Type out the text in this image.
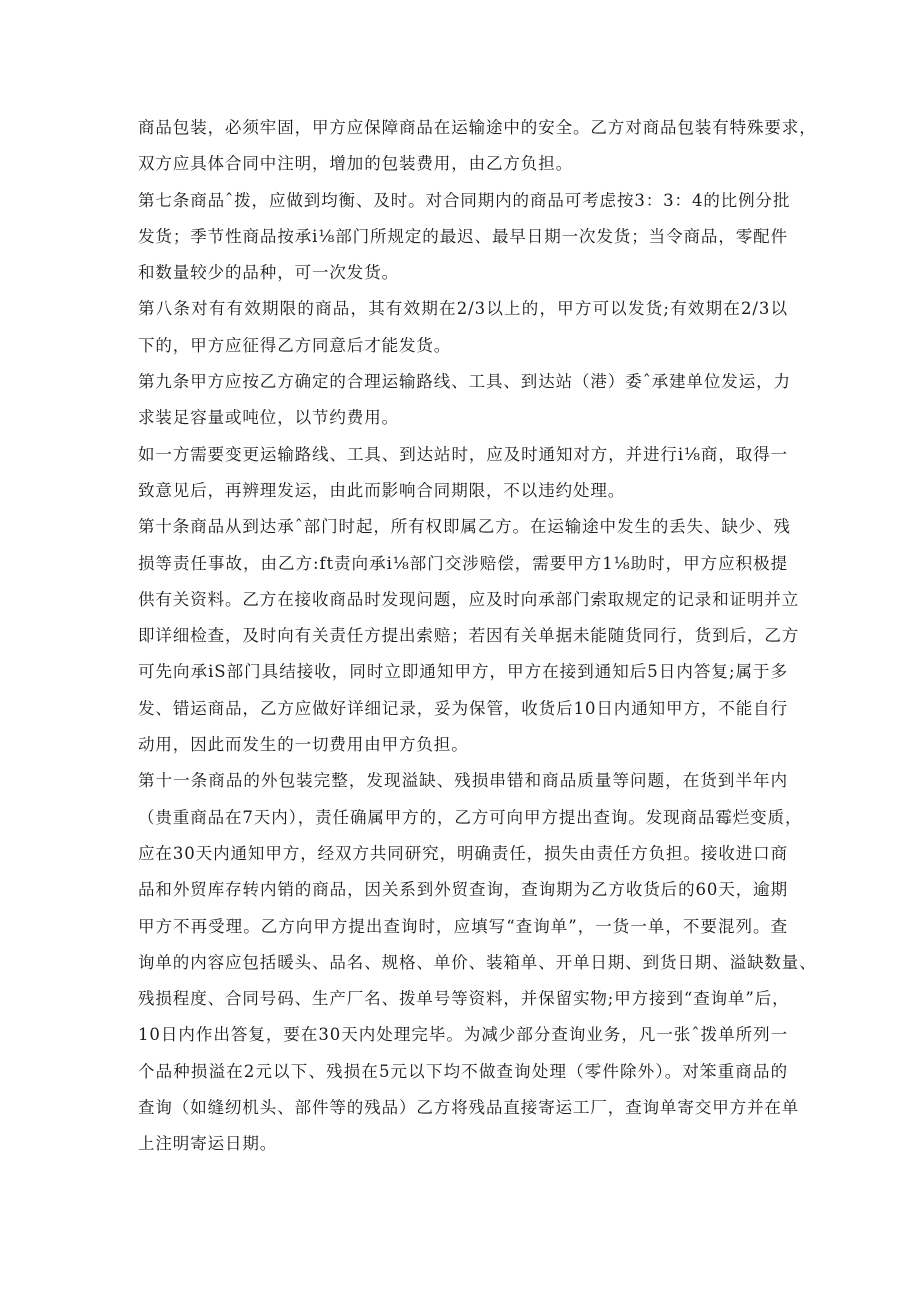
商品包装，必须牢固，甲方应保障商品在运输途中的安全。乙方对商品包装有特殊要求，
双方应具体合同中注明，增加的包装费用，由乙方负担。
第七条商品ˆ拨，应做到均衡、及时。对合同期内的商品可考虑按3：3：4的比例分批
发货；季节性商品按承i⅛部门所规定的最迟、最早日期一次发货；当令商品，零配件
和数量较少的品种，可一次发货。
第八条对有有效期限的商品，其有效期在2/3以上的，甲方可以发货;有效期在2/3以
下的，甲方应征得乙方同意后才能发货。
第九条甲方应按乙方确定的合理运输路线、工具、到达站（港）委ˆ承建单位发运，力
求装足容量或吨位，以节约费用。
如一方需要变更运输路线、工具、到达站时，应及时通知对方，并进行i⅛商，取得一
致意见后，再辨理发运，由此而影响合同期限，不以违约处理。
第十条商品从到达承ˆ部门时起，所有权即属乙方。在运输途中发生的丢失、缺少、残
损等责任事故，由乙方:ft责向承i⅛部门交涉赔偿，需要甲方1⅛助时，甲方应积极提
供有关资料。乙方在接收商品时发现问题，应及时向承部门索取规定的记录和证明并立
即详细检查，及时向有关责任方提出索赔；若因有关单据未能随货同行，货到后，乙方
可先向承iS部门具结接收，同时立即通知甲方，甲方在接到通知后5日内答复;属于多
发、错运商品，乙方应做好详细记录，妥为保管，收货后10日内通知甲方，不能自行
动用，因此而发生的一切费用由甲方负担。
第十一条商品的外包装完整，发现溢缺、残损串错和商品质量等问题，在货到半年内
（贵重商品在7天内），责任确属甲方的，乙方可向甲方提出查询。发现商品霉烂变质，
应在30天内通知甲方，经双方共同研究，明确责任，损失由责任方负担。接收进口商
品和外贸库存转内销的商品，因关系到外贸查询，查询期为乙方收货后的60天，逾期
甲方不再受理。乙方向甲方提出查询时，应填写“查询单”，一货一单，不要混列。查
询单的内容应包括暖头、品名、规格、单价、装箱单、开单日期、到货日期、溢缺数量、
残损程度、合同号码、生产厂名、拨单号等资料，并保留实物;甲方接到“查询单”后，
10日内作出答复，要在30天内处理完毕。为减少部分查询业务，凡一张ˆ拨单所列一
个品种损溢在2元以下、残损在5元以下均不做查询处理（零件除外）。对笨重商品的
查询（如缝纫机头、部件等的残品）乙方将残品直接寄运工厂，查询单寄交甲方并在单
上注明寄运日期。
